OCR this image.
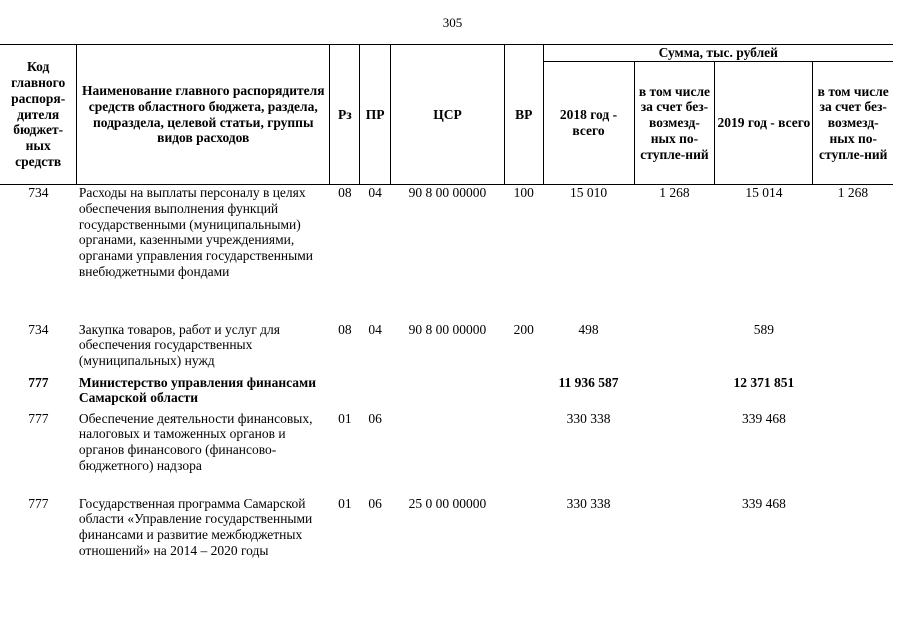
305
Код главного распоря-дителя бюджет-ных средств	Наименование главного распорядителя средств областного бюджета, раздела, подраздела, целевой статьи, группы видов расходов	Рз	ПР	ЦСР	ВР	Сумма, тыс. рублей			
						2018 год - всего	в том числе за счет без-возмезд-ных по-ступле-ний	2019 год - всего	в том числе за счет без-возмезд-ных по-ступле-ний
734	Расходы на выплаты персоналу в целях обеспечения выполнения функций государственными (муниципальными) органами, казенными учреждениями, органами управления государственными внебюджетными фондами	08	04	90 8 00 00000	100	15 010	1 268	15 014	1 268
734	Закупка товаров, работ и услуг для обеспечения государственных (муниципальных) нужд	08	04	90 8 00 00000	200	498		589	
777	Министерство управления финансами Самарской области					11 936 587		12 371 851	
777	Обеспечение деятельности финансовых, налоговых и таможенных органов и органов финансового (финансово-бюджетного) надзора	01	06			330 338		339 468	
777	Государственная программа Самарской области «Управление государственными финансами и развитие межбюджетных отношений» на 2014 – 2020 годы	01	06	25 0 00 00000		330 338		339 468	
